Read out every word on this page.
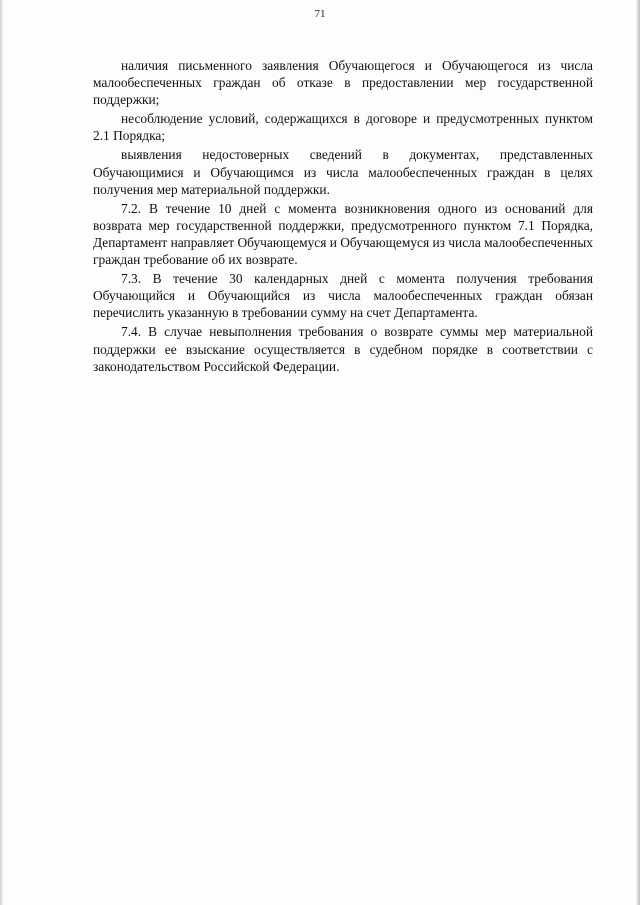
71

наличия письменного заявления Обучающегося и Обучающегося из числа малообеспеченных граждан об отказе в предоставлении мер государственной поддержки;

несоблюдение условий, содержащихся в договоре и предусмотренных пунктом 2.1 Порядка;

выявления недостоверных сведений в документах, представленных Обучающимися и Обучающимся из числа малообеспеченных граждан в целях получения мер материальной поддержки.

7.2. В течение 10 дней с момента возникновения одного из оснований для возврата мер государственной поддержки, предусмотренного пунктом 7.1 Порядка, Департамент направляет Обучающемуся и Обучающемуся из числа малообеспеченных граждан требование об их возврате.

7.3. В течение 30 календарных дней с момента получения требования Обучающийся и Обучающийся из числа малообеспеченных граждан обязан перечислить указанную в требовании сумму на счет Департамента.

7.4. В случае невыполнения требования о возврате суммы мер материальной поддержки ее взыскание осуществляется в судебном порядке в соответствии с законодательством Российской Федерации.
